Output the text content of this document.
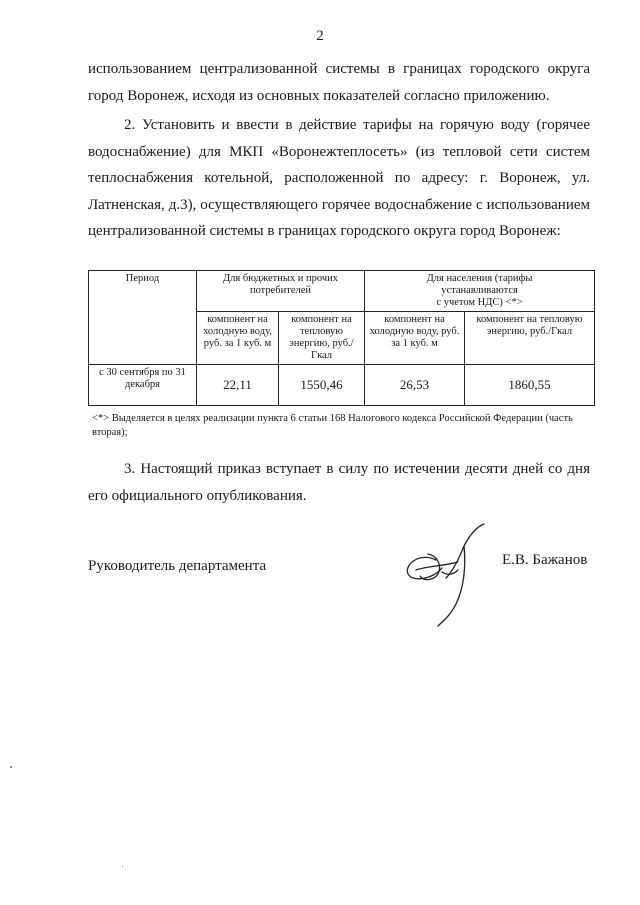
2

использованием централизованной системы в границах городского округа город Воронеж, исходя из основных показателей согласно приложению.

2. Установить и ввести в действие тарифы на горячую воду (горячее водоснабжение) для МКП «Воронежтеплосеть» (из тепловой сети систем теплоснабжения котельной, расположенной по адресу: г. Воронеж, ул. Латненская, д.3), осуществляющего горячее водоснабжение с использованием централизованной системы в границах городского округа город Воронеж:

Период	Для бюджетных и прочих потребителей		Для населения (тарифы
устанавливаются
с учетом НДС) <*>	

	компонент на холодную воду, руб. за 1 куб. м	компонент на тепловую энергию, руб./Гкал	компонент на холодную воду, руб. за 1 куб. м	компонент на тепловую энергию, руб./Гкал
с 30 сентября по 31 декабря	22,11	1550,46	26,53	1860,55

<*> Выделяется в целях реализации пункта 6 статьи 168 Налогового кодекса Российской Федерации (часть вторая);

3. Настоящий приказ вступает в силу по истечении десяти дней со дня его официального опубликования.

Руководитель департамента	Е.В. Бажанов
